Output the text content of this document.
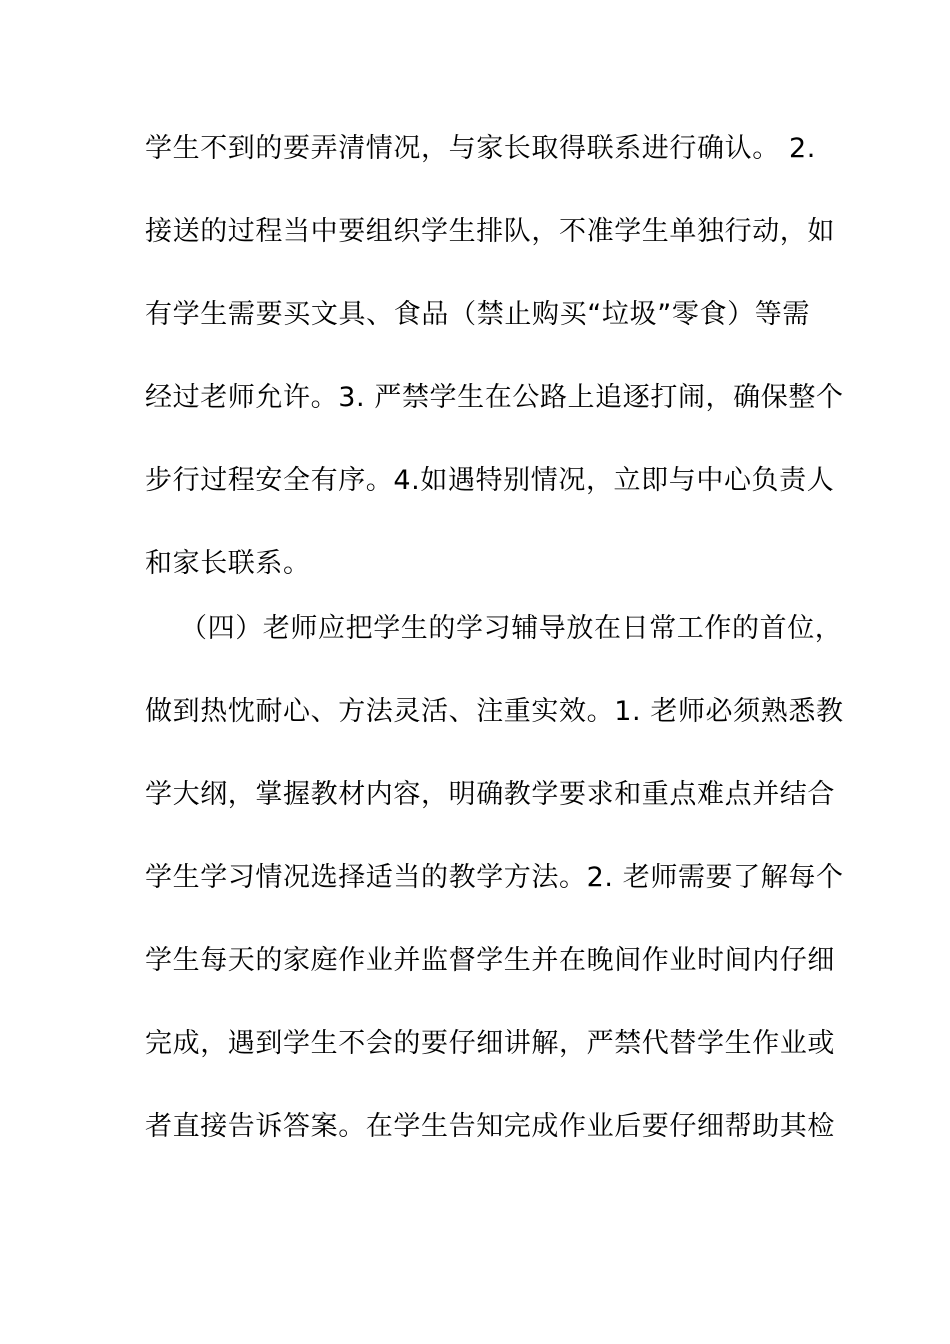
学生不到的要弄清情况，与家长取得联系进行确认。 2.
接送的过程当中要组织学生排队，不准学生单独行动，如
有学生需要买文具、食品（禁止购买“垃圾”零食）等需
经过老师允许。3. 严禁学生在公路上追逐打闹，确保整个
步行过程安全有序。4.如遇特别情况，立即与中心负责人
和家长联系。
（四）老师应把学生的学习辅导放在日常工作的首位，
做到热忱耐心、方法灵活、注重实效。1. 老师必须熟悉教
学大纲，掌握教材内容，明确教学要求和重点难点并结合
学生学习情况选择适当的教学方法。2. 老师需要了解每个
学生每天的家庭作业并监督学生并在晚间作业时间内仔细
完成，遇到学生不会的要仔细讲解，严禁代替学生作业或
者直接告诉答案。在学生告知完成作业后要仔细帮助其检
